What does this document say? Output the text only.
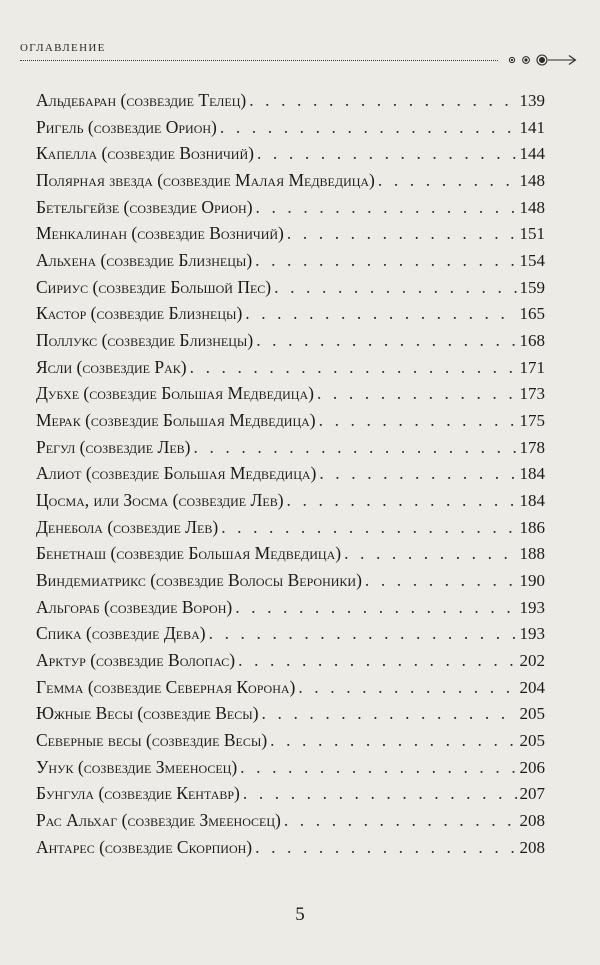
оглавление
Альдебаран (созвездие Телец) . . .	139
Ригель (созвездие Орион) . . .	141
Капелла (созвездие Возничий) . . .	144
Полярная звезда (созвездие Малая Медведица) . . .	148
Бетельгейзе (созвездие Орион) . . .	148
Менкалинан (созвездие Возничий) . . .	151
Альхена (созвездие Близнецы) . . .	154
Сириус (созвездие Большой Пес) . . .	159
Кастор (созвездие Близнецы) . . .	165
Поллукс (созвездие Близнецы) . . .	168
Ясли (созвездие Рак) . . .	171
Дубхе (созвездие Большая Медведица) . . .	173
Мерак (созвездие Большая Медведица) . . .	175
Регул (созвездие Лев) . . .	178
Алиот (созвездие Большая Медведица) . . .	184
Цосма, или Зосма (созвездие Лев) . . .	184
Денебола (созвездие Лев) . . .	186
Бенетнаш (созвездие Большая Медведица) . . .	188
Виндемиатрикс (созвездие Волосы Вероники) . . .	190
Альгораб (созвездие Ворон) . . .	193
Спика (созвездие Девa) . . .	193
Арктур (созвездие Волопас) . . .	202
Гемма (созвездие Северная Корона) . . .	204
Южные Весы (созвездие Весы) . . .	205
Северные весы (созвездие Весы) . . .	205
Унук (созвездие Змееносец) . . .	206
Бунгула (созвездие Кентавр) . . .	207
Рас Альхаг (созвездие Змееносец) . . .	208
Антарес (созвездие Скорпион) . . .	208
5
